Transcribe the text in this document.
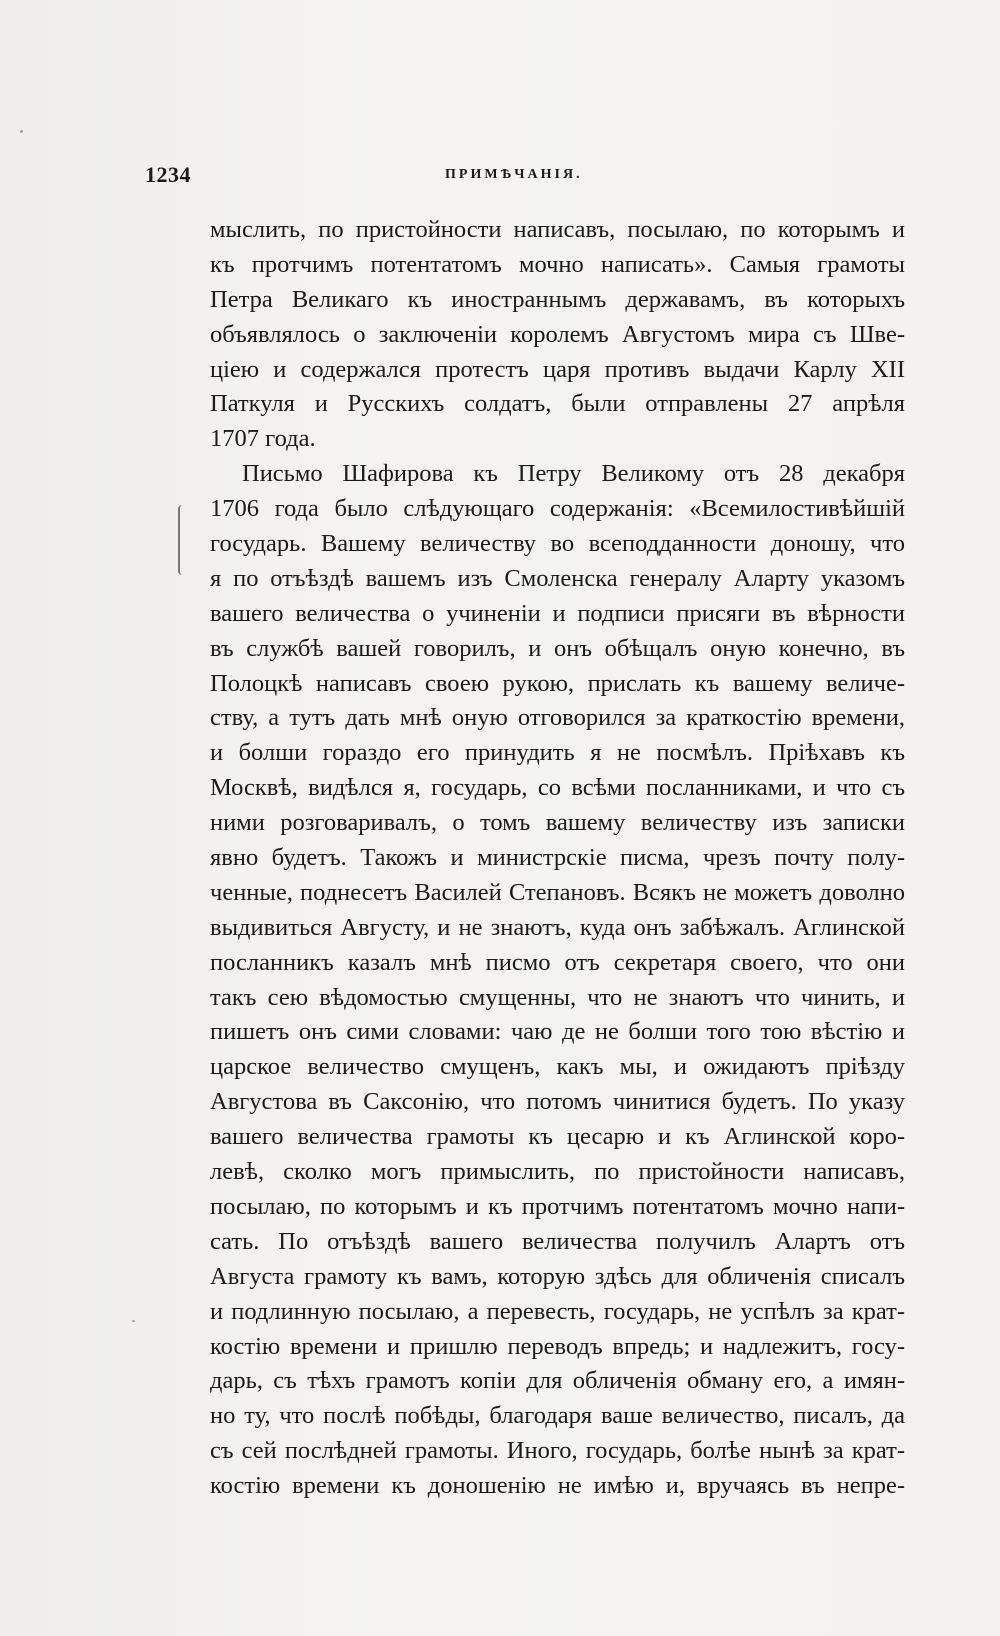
1234	ПРИМѢЧАНІЯ.
мыслить, по пристойности написавъ, посылаю, по которымъ и
къ протчимъ потентатомъ мочно написать». Самыя грамоты
Петра Великаго къ иностраннымъ державамъ, въ которыхъ
объявлялось о заключеніи королемъ Августомъ мира съ Шве-
ціею и содержался протестъ царя противъ выдачи Карлу XII
Паткуля и Русскихъ солдатъ, были отправлены 27 апрѣля
1707 года.
Письмо Шафирова къ Петру Великому отъ 28 декабря
1706 года было слѣдующаго содержанія: «Всемилостивѣйшій
государь. Вашему величеству во всеподданности доношу, что
я по отъѣздѣ вашемъ изъ Смоленска генералу Аларту указомъ
вашего величества о учиненіи и подписи присяги въ вѣрности
въ службѣ вашей говорилъ, и онъ обѣщалъ оную конечно, въ
Полоцкѣ написавъ своею рукою, прислать къ вашему величе-
ству, а тутъ дать мнѣ оную отговорился за краткостію времени,
и болши гораздо его принудить я не посмѣлъ. Пріѣхавъ къ
Москвѣ, видѣлся я, государь, со всѣми посланниками, и что съ
ними розговаривалъ, о томъ вашему величеству изъ записки
явно будетъ. Такожъ и министрскіе писма, чрезъ почту полу-
ченные, поднесетъ Василей Степановъ. Всякъ не можетъ доволно
выдивиться Августу, и не знаютъ, куда онъ забѣжалъ. Аглинской
посланникъ казалъ мнѣ писмо отъ секретаря своего, что они
такъ сею вѣдомостью смущенны, что не знаютъ что чинить, и
пишетъ онъ сими словами: чаю де не болши того тою вѣстію и
царское величество смущенъ, какъ мы, и ожидаютъ пріѣзду
Августова въ Саксонію, что потомъ чинитися будетъ. По указу
вашего величества грамоты къ цесарю и къ Аглинской коро-
левѣ, сколко могъ примыслить, по пристойности написавъ,
посылаю, по которымъ и къ протчимъ потентатомъ мочно напи-
сать. По отъѣздѣ вашего величества получилъ Алартъ отъ
Августа грамоту къ вамъ, которую здѣсь для обличенія списалъ
и подлинную посылаю, а перевесть, государь, не успѣлъ за крат-
костію времени и пришлю переводъ впредь; и надлежитъ, госу-
дарь, съ тѣхъ грамотъ копіи для обличенія обману его, а имян-
но ту, что послѣ побѣды, благодаря ваше величество, писалъ, да
съ сей послѣдней грамоты. Иного, государь, болѣе нынѣ за крат-
костію времени къ доношенію не имѣю и, вручаясь въ непре-
